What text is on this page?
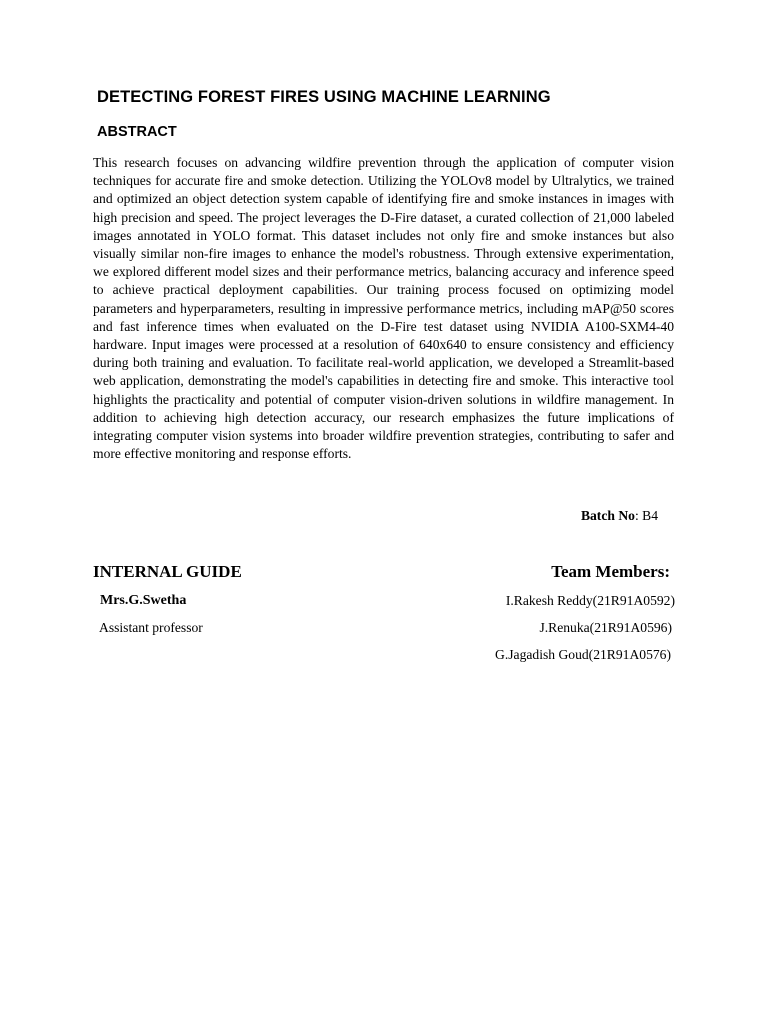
DETECTING FOREST FIRES USING MACHINE LEARNING
ABSTRACT

This research focuses on advancing wildfire prevention through the application of computer vision techniques for accurate fire and smoke detection. Utilizing the YOLOv8 model by Ultralytics, we trained and optimized an object detection system capable of identifying fire and smoke instances in images with high precision and speed. The project leverages the D-Fire dataset, a curated collection of 21,000 labeled images annotated in YOLO format. This dataset includes not only fire and smoke instances but also visually similar non-fire images to enhance the model's robustness. Through extensive experimentation, we explored different model sizes and their performance metrics, balancing accuracy and inference speed to achieve practical deployment capabilities. Our training process focused on optimizing model parameters and hyperparameters, resulting in impressive performance metrics, including mAP@50 scores and fast inference times when evaluated on the D-Fire test dataset using NVIDIA A100-SXM4-40 hardware. Input images were processed at a resolution of 640x640 to ensure consistency and efficiency during both training and evaluation. To facilitate real-world application, we developed a Streamlit-based web application, demonstrating the model's capabilities in detecting fire and smoke. This interactive tool highlights the practicality and potential of computer vision-driven solutions in wildfire management. In addition to achieving high detection accuracy, our research emphasizes the future implications of integrating computer vision systems into broader wildfire prevention strategies, contributing to safer and more effective monitoring and response efforts.

Batch No: B4
INTERNAL GUIDE	Team Members:
Mrs.G.Swetha
Assistant professor
I.Rakesh Reddy(21R91A0592)
J.Renuka(21R91A0596)
G.Jagadish Goud(21R91A0576)
